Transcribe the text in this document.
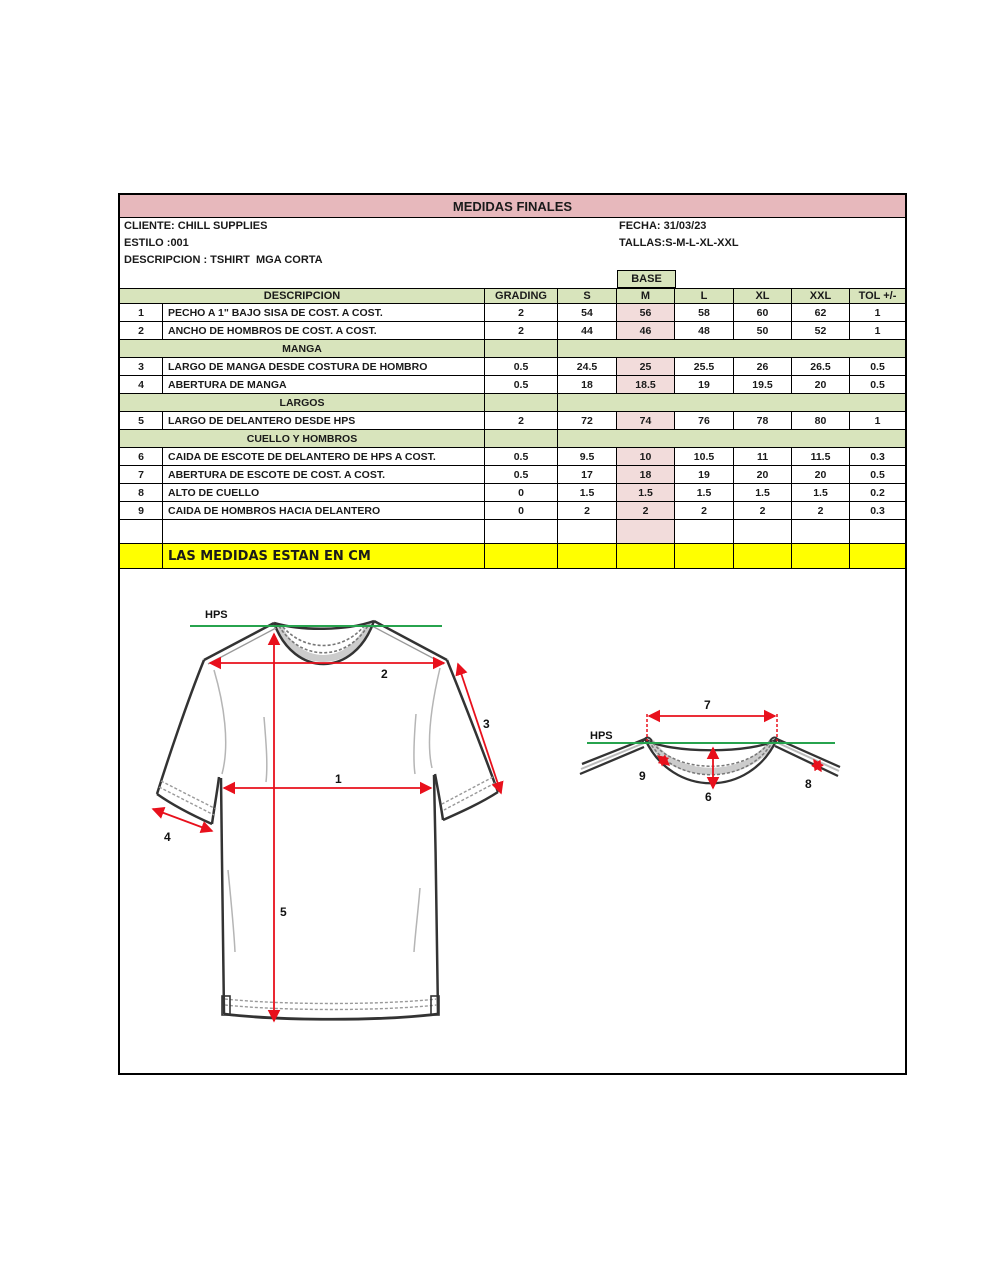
MEDIDAS FINALES
CLIENTE: CHILL SUPPLIES	FECHA: 31/03/23
ESTILO :001	TALLAS:S-M-L-XL-XXL
DESCRIPCION : TSHIRT  MGA CORTA
BASE
DESCRIPCION	GRADING	S	M	L	XL	XXL	TOL +/-
1	PECHO A 1" BAJO SISA DE COST. A COST.	2	54	56	58	60	62	1
2	ANCHO DE HOMBROS DE COST. A COST.	2	44	46	48	50	52	1
MANGA
3	LARGO DE MANGA DESDE COSTURA DE HOMBRO	0.5	24.5	25	25.5	26	26.5	0.5
4	ABERTURA DE MANGA	0.5	18	18.5	19	19.5	20	0.5
LARGOS
5	LARGO DE DELANTERO DESDE HPS	2	72	74	76	78	80	1
CUELLO Y HOMBROS
6	CAIDA DE ESCOTE DE DELANTERO DE HPS A COST.	0.5	9.5	10	10.5	11	11.5	0.3
7	ABERTURA DE ESCOTE DE COST. A COST.	0.5	17	18	19	20	20	0.5
8	ALTO DE CUELLO	0	1.5	1.5	1.5	1.5	1.5	0.2
9	CAIDA DE HOMBROS HACIA DELANTERO	0	2	2	2	2	2	0.3
LAS MEDIDAS ESTAN EN CM
HPS
2
1
3
4
5
HPS
7
6
9
8
